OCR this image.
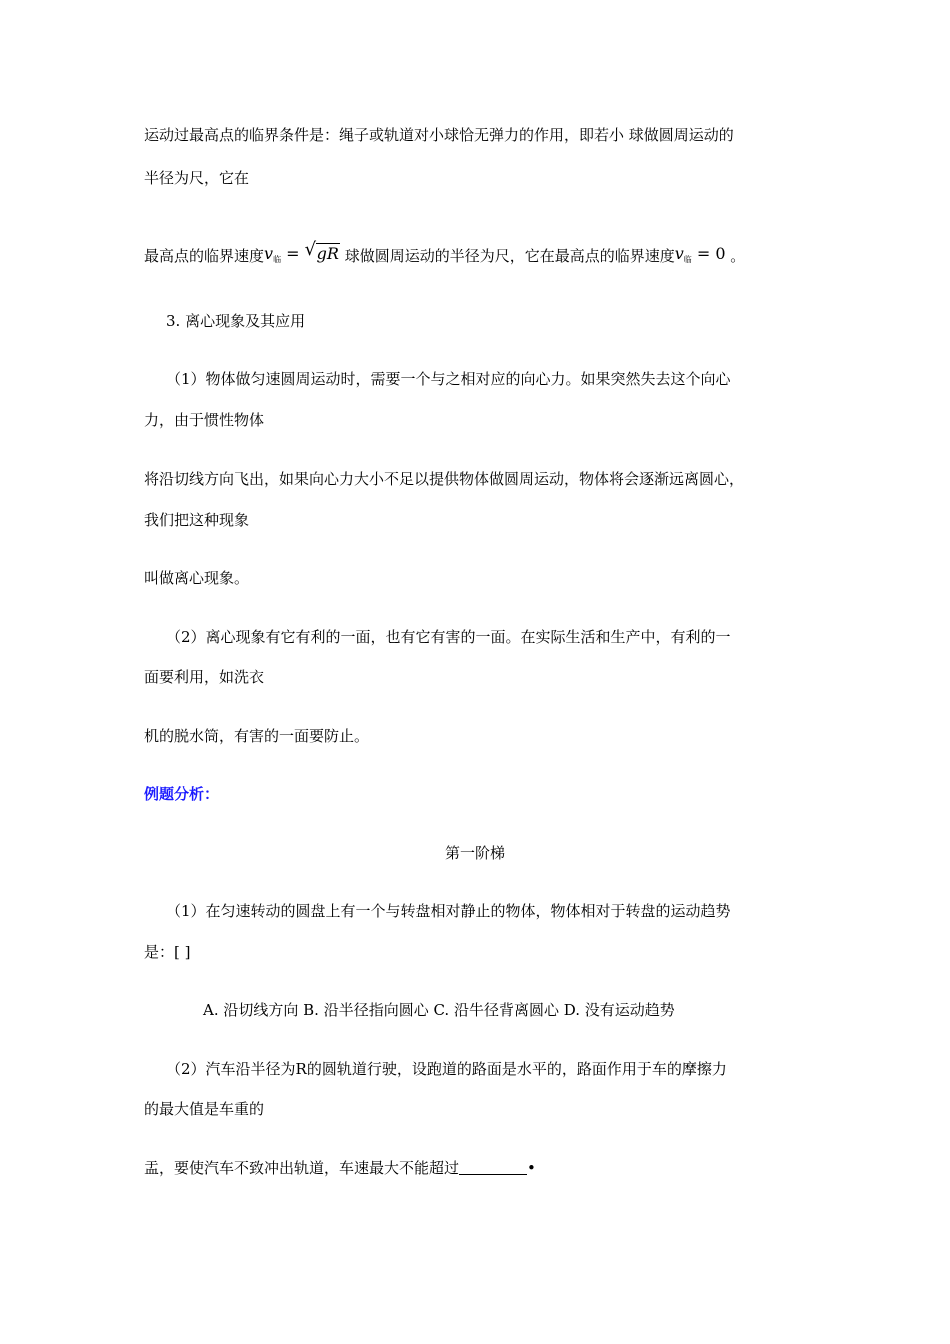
运动过最高点的临界条件是：绳子或轨道对小球恰无弹力的作用，即若小 球做圆周运动的
半径为尺，它在
最高点的临界速度$v_临$ = √ gR 球做圆周运动的半径为尺，它在最高点的临界速度$v_临 = 0$ 。
3. 离心现象及其应用
（1）物体做匀速圆周运动时，需要一个与之相对应的向心力。如果突然失去这个向心
力，由于惯性物体
将沿切线方向飞出，如果向心力大小不足以提供物体做圆周运动，物体将会逐渐远离圆心，
我们把这种现象
叫做离心现象。
（2）离心现象有它有利的一面，也有它有害的一面。在实际生活和生产中，有利的一
面要利用，如洗衣
机的脱水筒，有害的一面要防止。
例题分析：
第一阶梯
（1）在匀速转动的圆盘上有一个与转盘相对静止的物体，物体相对于转盘的运动趋势
是：[ ]
A. 沿切线方向 B. 沿半径指向圆心 C. 沿牛径背离圆心 D. 没有运动趋势
（2）汽车沿半径为R的圆轨道行驶，设跑道的路面是水平的，路面作用于车的摩擦力
的最大值是车重的
盂，要使汽车不致冲出轨道，车速最大不能超过	•
